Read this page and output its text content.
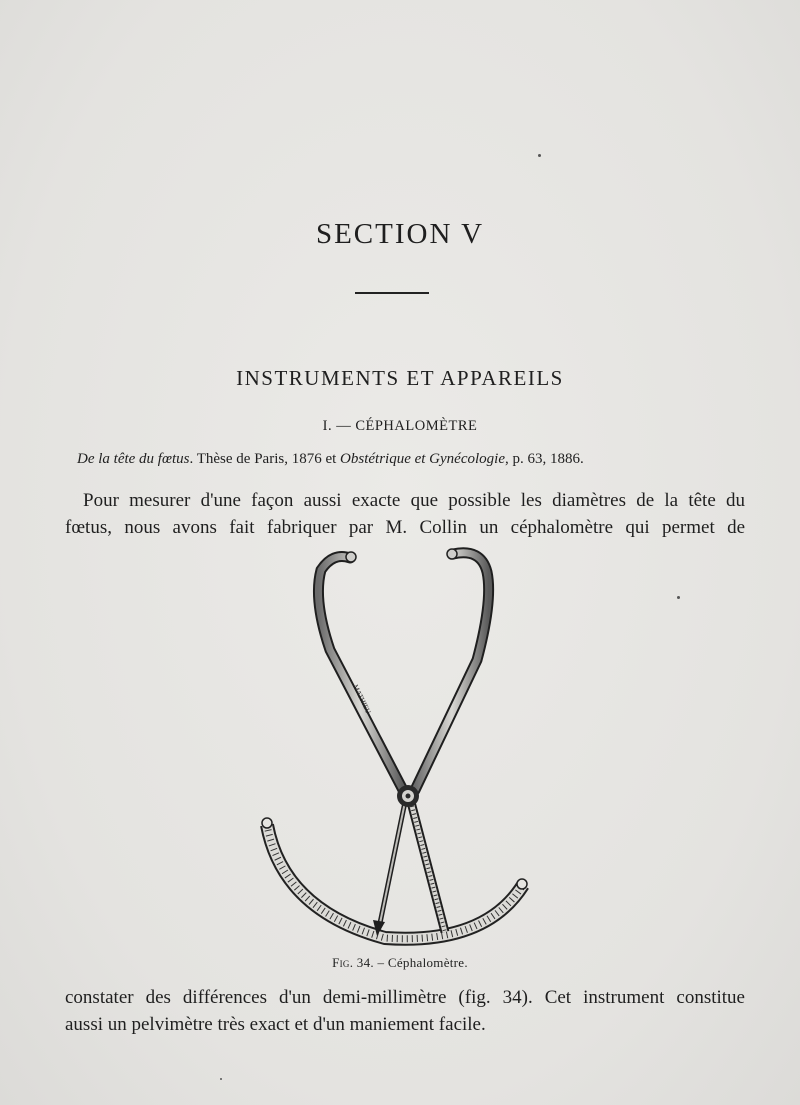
SECTION V
INSTRUMENTS ET APPAREILS
I. — CÉPHALOMÈTRE
De la tête du fœtus. Thèse de Paris, 1876 et Obstétrique et Gynécologie, p. 63, 1886.
Pour mesurer d'une façon aussi exacte que possible les diamètres de la tête du
fœtus, nous avons fait fabriquer par M. Collin un céphalomètre qui permet de
MATHIEU
Fig. 34. – Céphalomètre.
constater des différences d'un demi-millimètre (fig. 34). Cet instrument constitue
aussi un pelvimètre très exact et d'un maniement facile.
